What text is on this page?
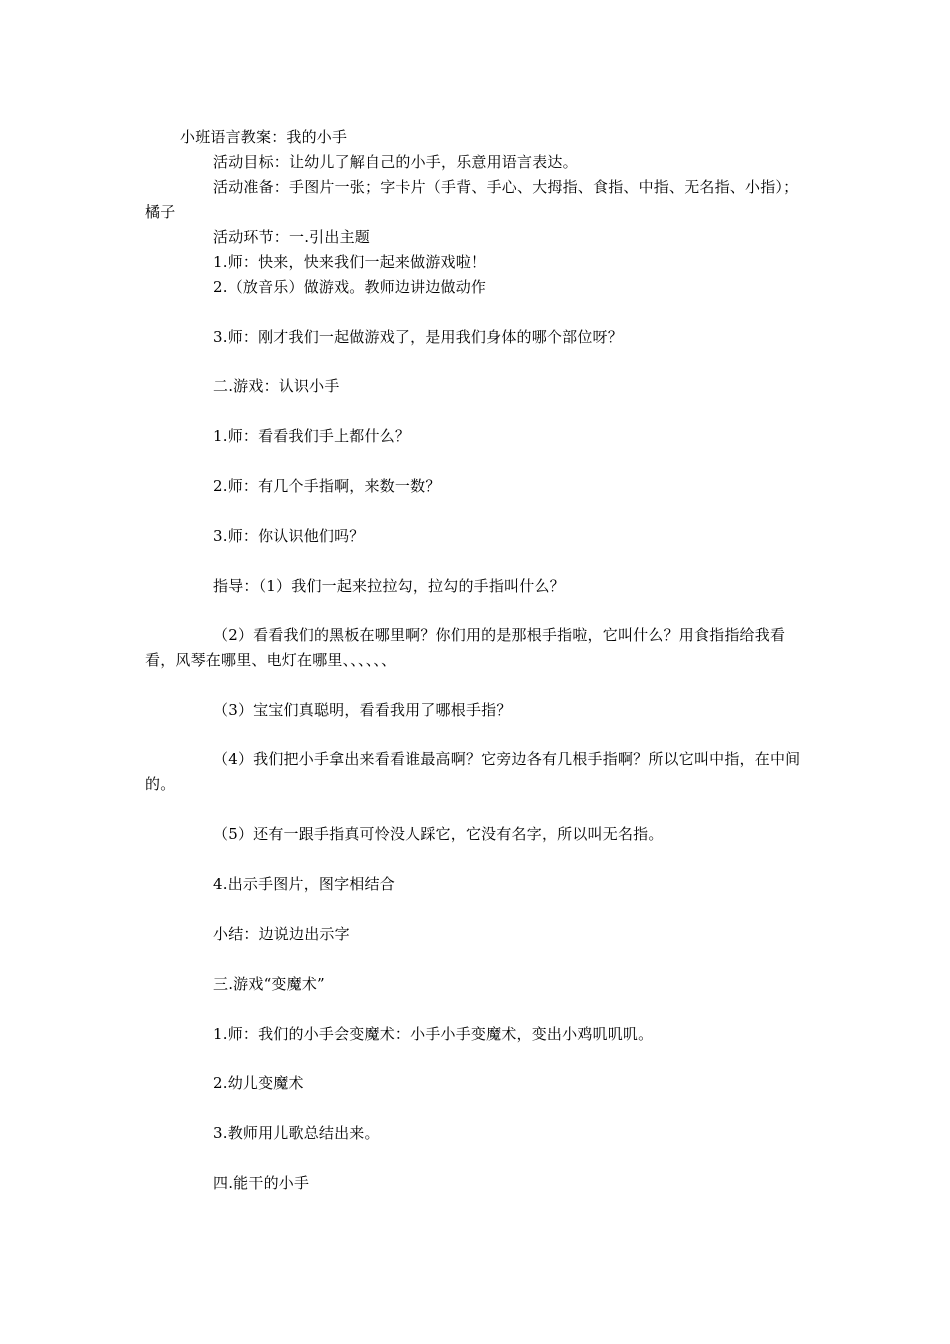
小班语言教案：我的小手
活动目标：让幼儿了解自己的小手，乐意用语言表达。
活动准备：手图片一张；字卡片（手背、手心、大拇指、食指、中指、无名指、小指）；橘子
活动环节：一.引出主题
1.师：快来，快来我们一起来做游戏啦！
2.（放音乐）做游戏。教师边讲边做动作
3.师：刚才我们一起做游戏了，是用我们身体的哪个部位呀？
二.游戏：认识小手
1.师：看看我们手上都什么？
2.师：有几个手指啊，来数一数？
3.师：你认识他们吗？
指导：（1）我们一起来拉拉勾，拉勾的手指叫什么？
（2）看看我们的黑板在哪里啊？你们用的是那根手指啦，它叫什么？用食指指给我看看，风琴在哪里、电灯在哪里、、、、、、
（3）宝宝们真聪明，看看我用了哪根手指？
（4）我们把小手拿出来看看谁最高啊？它旁边各有几根手指啊？所以它叫中指，在中间的。
（5）还有一跟手指真可怜没人踩它，它没有名字，所以叫无名指。
4.出示手图片，图字相结合
小结：边说边出示字
三.游戏“变魔术”
1.师：我们的小手会变魔术：小手小手变魔术，变出小鸡叽叽叽。
2.幼儿变魔术
3.教师用儿歌总结出来。
四.能干的小手
